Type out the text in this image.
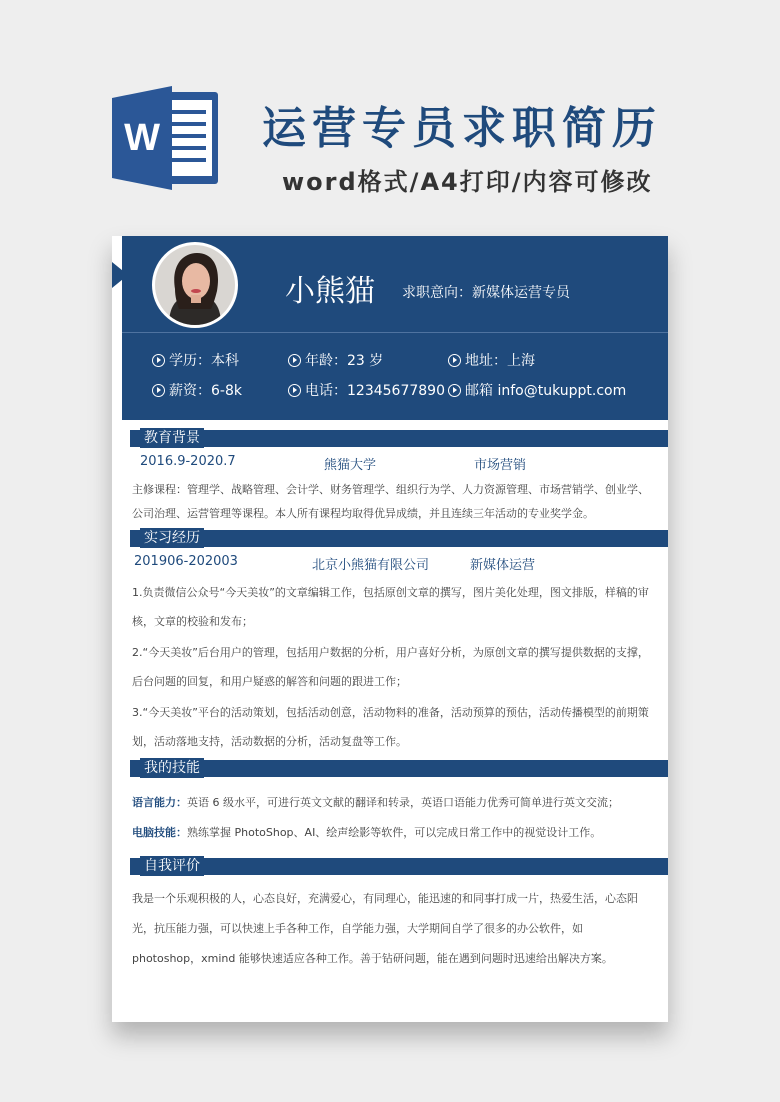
W 运营专员求职简历
word格式/A4打印/内容可修改
小熊猫 求职意向：新媒体运营专员
学历：本科	年龄：23 岁	地址：上海
薪资：6-8k	电话：12345677890 邮箱 info@tukuppt.com
教育背景
2016.9-2020.7	熊猫大学	市场营销
主修课程：管理学、战略管理、会计学、财务管理学、组织行为学、人力资源管理、市场营销学、创业学、公司治理、运营管理等课程。本人所有课程均取得优异成绩，并且连续三年活动的专业奖学金。
实习经历
201906-202003	北京小熊猫有限公司	新媒体运营
1.负责微信公众号“今天美妆”的文章编辑工作，包括原创文章的撰写，图片美化处理，图文排版，样稿的审核，文章的校验和发布；
2.“今天美妆”后台用户的管理，包括用户数据的分析，用户喜好分析，为原创文章的撰写提供数据的支撑，后台问题的回复，和用户疑惑的解答和问题的跟进工作；
3.“今天美妆”平台的活动策划，包括活动创意，活动物料的准备，活动预算的预估，活动传播模型的前期策划，活动落地支持，活动数据的分析，活动复盘等工作。
我的技能
语言能力：英语 6 级水平，可进行英文文献的翻译和转录，英语口语能力优秀可简单进行英文交流；
电脑技能：熟练掌握 PhotoShop、AI、绘声绘影等软件，可以完成日常工作中的视觉设计工作。
自我评价
我是一个乐观积极的人，心态良好，充满爱心，有同理心，能迅速的和同事打成一片，热爱生活，心态阳光，抗压能力强，可以快速上手各种工作，自学能力强，大学期间自学了很多的办公软件，如 photoshop，xmind 能够快速适应各种工作。善于钻研问题，能在遇到问题时迅速给出解决方案。
